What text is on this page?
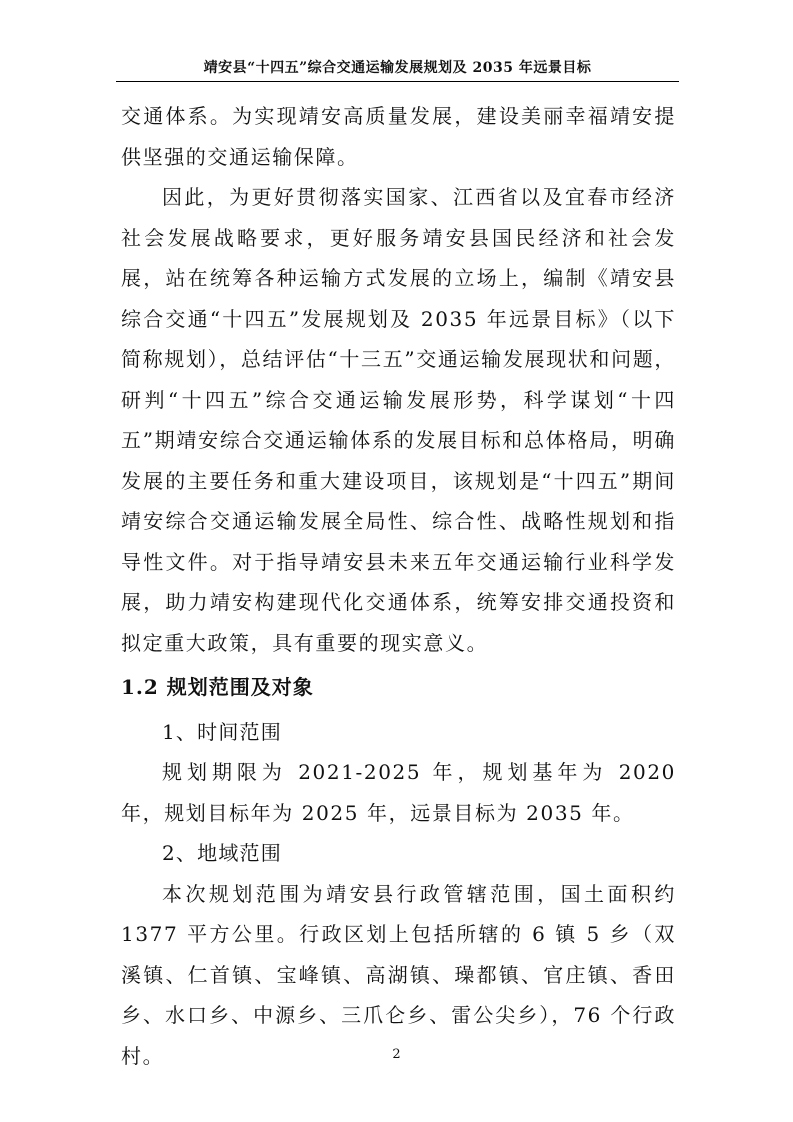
靖安县“十四五”综合交通运输发展规划及 2035 年远景目标

交通体系。为实现靖安高质量发展，建设美丽幸福靖安提供坚强的交通运输保障。

因此，为更好贯彻落实国家、江西省以及宜春市经济社会发展战略要求，更好服务靖安县国民经济和社会发展，站在统筹各种运输方式发展的立场上，编制《靖安县综合交通“十四五”发展规划及 2035 年远景目标》（以下简称规划），总结评估“十三五”交通运输发展现状和问题，研判“十四五”综合交通运输发展形势，科学谋划“十四五”期靖安综合交通运输体系的发展目标和总体格局，明确发展的主要任务和重大建设项目，该规划是“十四五”期间靖安综合交通运输发展全局性、综合性、战略性规划和指导性文件。对于指导靖安县未来五年交通运输行业科学发展，助力靖安构建现代化交通体系，统筹安排交通投资和拟定重大政策，具有重要的现实意义。

1.2 规划范围及对象

1、时间范围

规划期限为 2021-2025 年，规划基年为 2020 年，规划目标年为 2025 年，远景目标为 2035 年。

2、地域范围

本次规划范围为靖安县行政管辖范围，国土面积约 1377 平方公里。行政区划上包括所辖的 6 镇 5 乡（双溪镇、仁首镇、宝峰镇、高湖镇、璪都镇、官庄镇、香田乡、水口乡、中源乡、三爪仑乡、雷公尖乡），76 个行政村。	2
